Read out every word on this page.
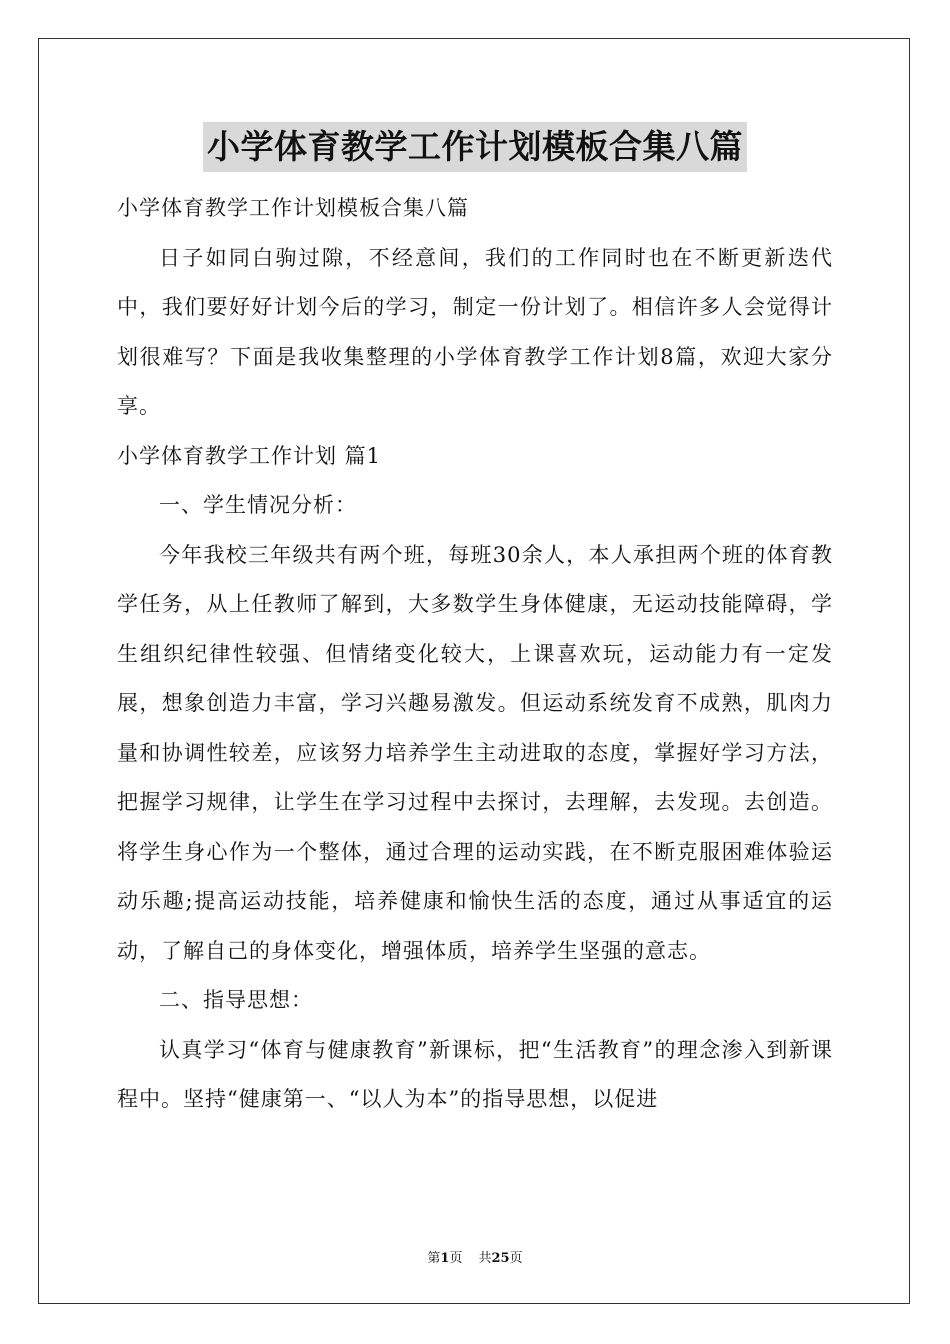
小学体育教学工作计划模板合集八篇

小学体育教学工作计划模板合集八篇

日子如同白驹过隙，不经意间，我们的工作同时也在不断更新迭代中，我们要好好计划今后的学习，制定一份计划了。相信许多人会觉得计划很难写？下面是我收集整理的小学体育教学工作计划8篇，欢迎大家分享。

小学体育教学工作计划 篇1

一、学生情况分析：

今年我校三年级共有两个班，每班30余人，本人承担两个班的体育教学任务，从上任教师了解到，大多数学生身体健康，无运动技能障碍，学生组织纪律性较强、但情绪变化较大，上课喜欢玩，运动能力有一定发展，想象创造力丰富，学习兴趣易激发。但运动系统发育不成熟，肌肉力量和协调性较差，应该努力培养学生主动进取的态度，掌握好学习方法，把握学习规律，让学生在学习过程中去探讨，去理解，去发现。去创造。将学生身心作为一个整体，通过合理的运动实践，在不断克服困难体验运动乐趣;提高运动技能，培养健康和愉快生活的态度，通过从事适宜的运动，了解自己的身体变化，增强体质，培养学生坚强的意志。

二、指导思想：

认真学习“体育与健康教育”新课标，把“生活教育”的理念渗入到新课程中。坚持“健康第一、“以人为本”的指导思想，以促进

第1页 共25页
